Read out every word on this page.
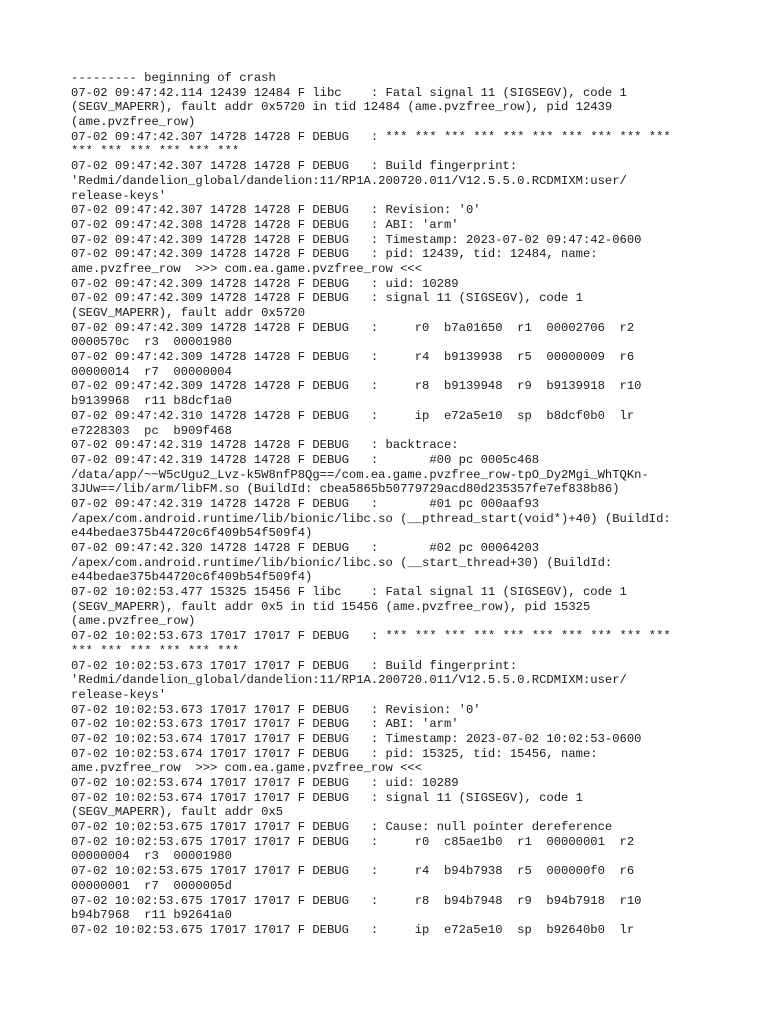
--------- beginning of crash
07-02 09:47:42.114 12439 12484 F libc    : Fatal signal 11 (SIGSEGV), code 1
(SEGV_MAPERR), fault addr 0x5720 in tid 12484 (ame.pvzfree_row), pid 12439
(ame.pvzfree_row)
07-02 09:47:42.307 14728 14728 F DEBUG   : *** *** *** *** *** *** *** *** *** ***
*** *** *** *** *** ***
07-02 09:47:42.307 14728 14728 F DEBUG   : Build fingerprint:
'Redmi/dandelion_global/dandelion:11/RP1A.200720.011/V12.5.5.0.RCDMIXM:user/
release-keys'
07-02 09:47:42.307 14728 14728 F DEBUG   : Revision: '0'
07-02 09:47:42.308 14728 14728 F DEBUG   : ABI: 'arm'
07-02 09:47:42.309 14728 14728 F DEBUG   : Timestamp: 2023-07-02 09:47:42-0600
07-02 09:47:42.309 14728 14728 F DEBUG   : pid: 12439, tid: 12484, name:
ame.pvzfree_row  >>> com.ea.game.pvzfree_row <<<
07-02 09:47:42.309 14728 14728 F DEBUG   : uid: 10289
07-02 09:47:42.309 14728 14728 F DEBUG   : signal 11 (SIGSEGV), code 1
(SEGV_MAPERR), fault addr 0x5720
07-02 09:47:42.309 14728 14728 F DEBUG   :     r0  b7a01650  r1  00002706  r2
0000570c  r3  00001980
07-02 09:47:42.309 14728 14728 F DEBUG   :     r4  b9139938  r5  00000009  r6
00000014  r7  00000004
07-02 09:47:42.309 14728 14728 F DEBUG   :     r8  b9139948  r9  b9139918  r10
b9139968  r11 b8dcf1a0
07-02 09:47:42.310 14728 14728 F DEBUG   :     ip  e72a5e10  sp  b8dcf0b0  lr
e7228303  pc  b909f468
07-02 09:47:42.319 14728 14728 F DEBUG   : backtrace:
07-02 09:47:42.319 14728 14728 F DEBUG   :       #00 pc 0005c468
/data/app/~~W5cUgu2_Lvz-k5W8nfP8Qg==/com.ea.game.pvzfree_row-tpO_Dy2Mgi_WhTQKn-
3JUw==/lib/arm/libFM.so (BuildId: cbea5865b50779729acd80d235357fe7ef838b86)
07-02 09:47:42.319 14728 14728 F DEBUG   :       #01 pc 000aaf93
/apex/com.android.runtime/lib/bionic/libc.so (__pthread_start(void*)+40) (BuildId:
e44bedae375b44720c6f409b54f509f4)
07-02 09:47:42.320 14728 14728 F DEBUG   :       #02 pc 00064203
/apex/com.android.runtime/lib/bionic/libc.so (__start_thread+30) (BuildId:
e44bedae375b44720c6f409b54f509f4)
07-02 10:02:53.477 15325 15456 F libc    : Fatal signal 11 (SIGSEGV), code 1
(SEGV_MAPERR), fault addr 0x5 in tid 15456 (ame.pvzfree_row), pid 15325
(ame.pvzfree_row)
07-02 10:02:53.673 17017 17017 F DEBUG   : *** *** *** *** *** *** *** *** *** ***
*** *** *** *** *** ***
07-02 10:02:53.673 17017 17017 F DEBUG   : Build fingerprint:
'Redmi/dandelion_global/dandelion:11/RP1A.200720.011/V12.5.5.0.RCDMIXM:user/
release-keys'
07-02 10:02:53.673 17017 17017 F DEBUG   : Revision: '0'
07-02 10:02:53.673 17017 17017 F DEBUG   : ABI: 'arm'
07-02 10:02:53.674 17017 17017 F DEBUG   : Timestamp: 2023-07-02 10:02:53-0600
07-02 10:02:53.674 17017 17017 F DEBUG   : pid: 15325, tid: 15456, name:
ame.pvzfree_row  >>> com.ea.game.pvzfree_row <<<
07-02 10:02:53.674 17017 17017 F DEBUG   : uid: 10289
07-02 10:02:53.674 17017 17017 F DEBUG   : signal 11 (SIGSEGV), code 1
(SEGV_MAPERR), fault addr 0x5
07-02 10:02:53.675 17017 17017 F DEBUG   : Cause: null pointer dereference
07-02 10:02:53.675 17017 17017 F DEBUG   :     r0  c85ae1b0  r1  00000001  r2
00000004  r3  00001980
07-02 10:02:53.675 17017 17017 F DEBUG   :     r4  b94b7938  r5  000000f0  r6
00000001  r7  0000005d
07-02 10:02:53.675 17017 17017 F DEBUG   :     r8  b94b7948  r9  b94b7918  r10
b94b7968  r11 b92641a0
07-02 10:02:53.675 17017 17017 F DEBUG   :     ip  e72a5e10  sp  b92640b0  lr
